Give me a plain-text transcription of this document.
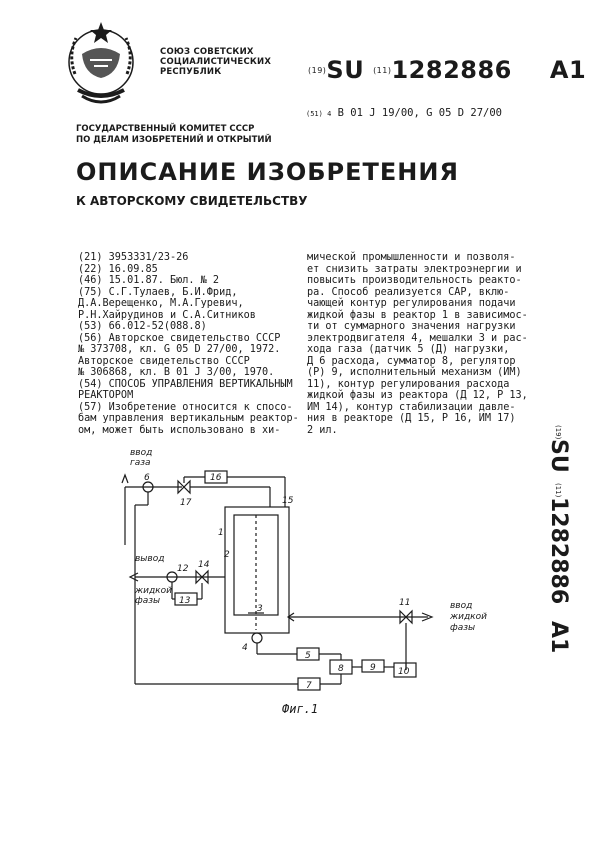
СОЮЗ СОВЕТСКИХ
СОЦИАЛИСТИЧЕСКИХ
РЕСПУБЛИК	(19)SU (11)1282886 A1
(51) 4 B 01 J 19/00, G 05 D 27/00
ГОСУДАРСТВЕННЫЙ КОМИТЕТ СССР
ПО ДЕЛАМ ИЗОБРЕТЕНИЙ И ОТКРЫТИЙ
ОПИСАНИЕ ИЗОБРЕТЕНИЯ
К АВТОРСКОМУ СВИДЕТЕЛЬСТВУ
(21) 3953331/23-26
(22) 16.09.85
(46) 15.01.87. Бюл. № 2
(75) С.Г.Тулаев, Б.И.Фрид,
Д.А.Верещенко, М.А.Гуревич,
Р.Н.Хайрудинов и С.А.Ситников
(53) 66.012-52(088.8)
(56) Авторское свидетельство СССР
№ 373708, кл. G 05 D 27/00, 1972.
Авторское свидетельство СССР
№ 306868, кл. В 01 J 3/00, 1970.
(54) СПОСОБ УПРАВЛЕНИЯ ВЕРТИКАЛЬНЫМ
РЕАКТОРОМ
(57) Изобретение относится к спосо-
бам управления вертикальным реактор-
ом, может быть использовано в хи-
мической промышленности и позволя-
ет снизить затраты электроэнергии и
повысить производительность реакто-
ра. Способ реализуется САР, вклю-
чающей контур регулирования подачи
жидкой фазы в реактор 1 в зависимос-
ти от суммарного значения нагрузки
электродвигателя 4, мешалки 3 и рас-
хода газа (датчик 5 (Д) нагрузки,
Д 6 расхода, сумматор 8, регулятор
(Р) 9, исполнительный механизм (ИМ)
11), контур регулирования расхода
жидкой фазы из реактора (Д 12, Р 13,
ИМ 14), контур стабилизации давле-
ния в реакторе (Д 15, Р 16, ИМ 17)
2 ил.	(19)
SU
(11)
1282886
A1
ввод
газа
вывод
жидкой
фазы	ввод
жидкой
фазы
1
2
3
4
5
6
7
8	9 10
11
12
13
14
15
16
17
Фиг.1
